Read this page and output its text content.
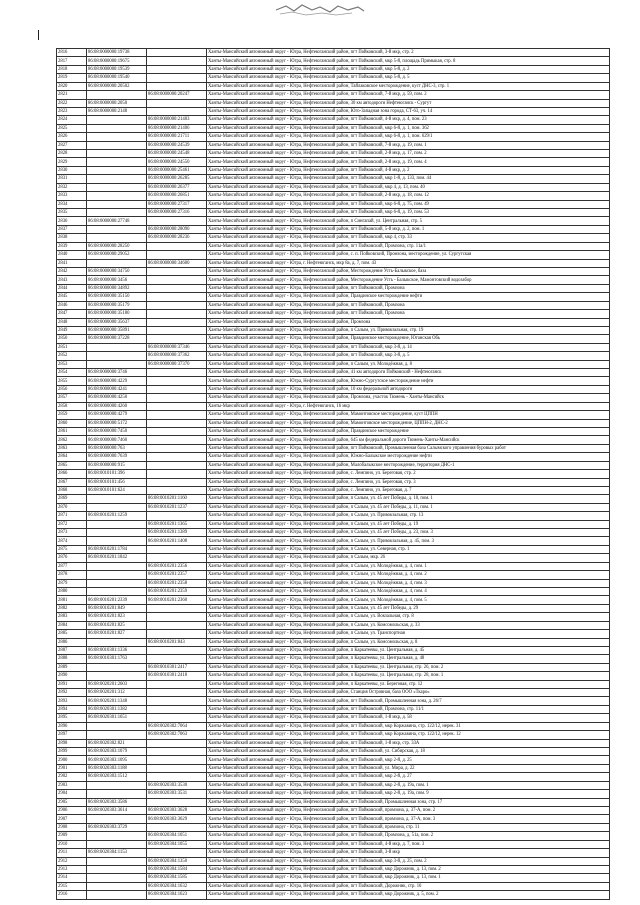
2816	86:08:0000000:19738		Ханты-Мансийский автономный округ - Югра, Нефтеюганский район, пгт Пойковский, 3-й мкр, стр. 2
2817	86:08:0000000:19675		Ханты-Мансийский автономный округ - Югра, Нефтеюганский район, пгт Пойковский, мкр 5-й, площадь Примыкая, стр. 8
2818	86:08:0000000:19539		Ханты-Мансийский автономный округ - Югра, Нефтеюганский район, пгт Пойковский, мкр 5-й, д. 2
2819	86:08:0000000:19540		Ханты-Мансийский автономный округ - Югра, Нефтеюганский район, пгт Пойковский, мкр 5-й, д. 5
2820	86:08:0000000:20502		Ханты-Мансийский автономный округ - Югра, Нефтеюганский район, Тайлаковское месторождение, куст ДНС-3, стр. 1
2821		86:08:0000000:20247	Ханты-Мансийский автономный округ - Югра, Нефтеюганский район, пгт Пойковский, 7-й мкр, д. 59, пом. 2
2822	86:08:0000000:2050		Ханты-Мансийский автономный округ - Югра, Нефтеюганский район, 30 км автодороги Нефтеюганск - Сургут
2823	86:08:0000000:2148		Ханты-Мансийский автономный округ - Югра, Нефтеюганский район, Юго-Западная зона города, СТ-63, уч. 14
2824		86:08:0000000:21403	Ханты-Мансийский автономный округ - Югра, Нефтеюганский район, пгт Пойковский, 4-й мкр, д. 4, пом. 23
2825		86:08:0000000:21406	Ханты-Мансийский автономный округ - Югра, Нефтеюганский район, пгт Пойковский, мкр 6-й, д. 1, пом. 362
2826		86:08:0000000:21711	Ханты-Мансийский автономный округ - Югра, Нефтеюганский район, пгт Пойковский, мкр 6-й, д. 1, пом. 629/1
2827		86:08:0000000:24539	Ханты-Мансийский автономный округ - Югра, Нефтеюганский район, пгт Пойковский, 7-й мкр, д. 19, пом. 1
2828		86:08:0000000:24548	Ханты-Мансийский автономный округ - Югра, Нефтеюганский район, пгт Пойковский, 2-й мкр, д. 17, пом. 2
2829		86:08:0000000:24550	Ханты-Мансийский автономный округ - Югра, Нефтеюганский район, пгт Пойковский, 2-й мкр, д. 19, пом. 4
2830		86:08:0000000:25461	Ханты-Мансийский автономный округ - Югра, Нефтеюганский район, пгт Пойковский, 4-й мкр, д. 2
2831		86:08:0000000:26285	Ханты-Мансийский автономный округ - Югра, Нефтеюганский район, пгт Пойковский, мкр 1-й, д. 133, пом. 44
2832		86:08:0000000:26377	Ханты-Мансийский автономный округ - Югра, Нефтеюганский район, пгт Пойковский, мкр 4, д. 13, пом. 40
2833		86:08:0000000:26851	Ханты-Мансийский автономный округ - Югра, Нефтеюганский район, пгт Пойковский, 2-й мкр, д. 18, пом. 12
2834		86:08:0000000:27317	Ханты-Мансийский автономный округ - Югра, Нефтеюганский район, пгт Пойковский, мкр 6-й, д. 75, пом. 49
2835		86:08:0000000:27316	Ханты-Мансийский автономный округ - Югра, Нефтеюганский район, пгт Пойковский, мкр 6-й, д. 19, пом. 53
2836	86:08:0000000:27748		Ханты-Мансийский автономный округ - Югра, Нефтеюганский район, п Сингапай, ул. Центральная, стр. 5
2837		86:08:0000000:28090	Ханты-Мансийский автономный округ - Югра, Нефтеюганский район, пгт Пойковский, 5-й мкр, д. 2, пом. 1
2838		86:08:0000000:28236	Ханты-Мансийский автономный округ - Югра, Нефтеюганский район, пгт Пойковский, мкр 4, стр. 33
2839	86:08:0000000:28250		Ханты-Мансийский автономный округ - Югра, Нефтеюганский район, пгт Пойковский, Промзона, стр. 11а/1
2840	86:08:0000000:29052		Ханты-Мансийский автономный округ - Югра, Нефтеюганский район, с. п. Пойковский, Промзона, месторождение, ул. Сургутская
2841		86:08:0000000:34600	Ханты-Мансийский автономный округ - Югра, г. Нефтеюганск, мкр 8а, д. 7, пом. 43
2842	86:08:0000000:34750		Ханты-Мансийский автономный округ - Югра, Нефтеюганский район, Месторождение Усть-Балыкское, база
2843	86:08:0000000:3456		Ханты-Мансийский автономный округ - Югра, Нефтеюганский район, Месторождение Усть - Балыкское, Мамонтовский водозабор
2844	86:08:0000000:34892		Ханты-Мансийский автономный округ - Югра, Нефтеюганский район, пгт Пойковский, Промзона
2845	86:08:0000000:35150		Ханты-Мансийский автономный округ - Югра, Нефтеюганский район, Правдинское месторождение нефти
2846	86:08:0000000:35179		Ханты-Мансийский автономный округ - Югра, Нефтеюганский район, пгт Пойковский, Промзона
2847	86:08:0000000:35180		Ханты-Мансийский автономный округ - Югра, Нефтеюганский район, пгт Пойковский, Промзона
2848	86:08:0000000:35637		Ханты-Мансийский автономный округ - Югра, Нефтеюганский район, Промзона
2849	86:08:0000000:35891		Ханты-Мансийский автономный округ - Югра, Нефтеюганский район, п Салым, ул. Привокзальная, стр. 19
2850	86:08:0000000:37228		Ханты-Мансийский автономный округ - Югра, Нефтеюганский район, Правдинское месторождение, Юганская Обь
2851		86:08:0000000:37346	Ханты-Мансийский автономный округ - Югра, Нефтеюганский район, пгт Пойковский, мкр 3-й, д. 14
2852		86:08:0000000:37362	Ханты-Мансийский автономный округ - Югра, Нефтеюганский район, пгт Пойковский, мкр 3-й, д. 5
2853		86:08:0000000:37370	Ханты-Мансийский автономный округ - Югра, Нефтеюганский район, п Салым, ул. Молодёжная, д. 8
2854	86:08:0000000:3746		Ханты-Мансийский автономный округ - Югра, Нефтеюганский район, 41 км автодороги Пойковский - Нефтеюганск
2855	86:08:0000000:4229		Ханты-Мансийский автономный округ - Югра, Нефтеюганский район, Южно-Сургутское месторождение нефти
2856	86:08:0000000:4241		Ханты-Мансийский автономный округ - Югра, Нефтеюганский район, 10 км федеральной автодороги
2857	86:08:0000000:4250		Ханты-Мансийский автономный округ - Югра, Нефтеюганский район, Промзона, участок Тюмень - Ханты-Мансийск
2858	86:08:0000000:4260		Ханты-Мансийский автономный округ - Югра, г. Нефтеюганск, 16 мкр
2859	86:08:0000000:4279		Ханты-Мансийский автономный округ - Югра, Нефтеюганский район, Мамонтовское месторождение, куст ЦППН
2860	86:08:0000000:5172		Ханты-Мансийский автономный округ - Югра, Нефтеюганский район, Мамонтовское месторождение, ЦППН-2, ДНС-2
2861	86:08:0000000:7450		Ханты-Мансийский автономный округ - Югра, Нефтеюганский район, Правдинское месторождение
2862	86:08:0000000:7460		Ханты-Мансийский автономный округ - Югра, Нефтеюганский район, 645 км федеральной дороги Тюмень-Ханты-Мансийск
2863	86:08:0000000:763		Ханты-Мансийский автономный округ - Югра, Нефтеюганский район, пгт Пойковский, Промышленная база Салымского управления буровых работ
2864	86:08:0000000:7639		Ханты-Мансийский автономный округ - Югра, Нефтеюганский район, Южно-Балыкское месторождение нефти
2865	86:08:0000000:915		Ханты-Мансийский автономный округ - Югра, Нефтеюганский район, Малобалыкское месторождение, территория ДНС-1
2866	86:08:0010101:396		Ханты-Мансийский автономный округ - Югра, Нефтеюганский район, с. Лемпино, ул. Береговая, стр. 2
2867	86:08:0010101:456		Ханты-Мансийский автономный округ - Югра, Нефтеюганский район, с. Лемпино, ул. Береговая, стр. 3
2868	86:08:0010101:624		Ханты-Мансийский автономный округ - Югра, Нефтеюганский район, с. Лемпино, ул. Береговая, д. 7
2869		86:08:0010201:1160	Ханты-Мансийский автономный округ - Югра, Нефтеюганский район, п Салым, ул. 45 лет Победы, д. 10, пом. 1
2870		86:08:0010201:1237	Ханты-Мансийский автономный округ - Югра, Нефтеюганский район, п Салым, ул. 45 лет Победы, д. 11, пом. 1
2871	86:08:0010201:1259		Ханты-Мансийский автономный округ - Югра, Нефтеюганский район, п Салым, ул. Привокзальная, стр. 13
2872		86:08:0010201:1365	Ханты-Мансийский автономный округ - Югра, Нефтеюганский район, п Салым, ул. 45 лет Победы, д. 19
2873		86:08:0010201:1389	Ханты-Мансийский автономный округ - Югра, Нефтеюганский район, п Салым, ул. 45 лет Победы, д. 23, пом. 3
2874		86:08:0010201:1408	Ханты-Мансийский автономный округ - Югра, Нефтеюганский район, п Салым, ул. Привокзальная, д. 45, пом. 3
2875	86:08:0010201:1784		Ханты-Мансийский автономный округ - Югра, Нефтеюганский район, п Салым, ул. Северная, стр. 1
2876	86:08:0010201:1842		Ханты-Мансийский автономный округ - Югра, Нефтеюганский район, п Салым, мкр. 26
2877		86:08:0010201:2356	Ханты-Мансийский автономный округ - Югра, Нефтеюганский район, п Салым, ул. Молодёжная, д. 4, пом. 1
2878		86:08:0010201:2357	Ханты-Мансийский автономный округ - Югра, Нефтеюганский район, п Салым, ул. Молодёжная, д. 4, пом. 2
2879		86:08:0010201:2358	Ханты-Мансийский автономный округ - Югра, Нефтеюганский район, п Салым, ул. Молодёжная, д. 4, пом. 3
2880		86:08:0010201:2359	Ханты-Мансийский автономный округ - Югра, Нефтеюганский район, п Салым, ул. Молодёжная, д. 4, пом. 4
2881	86:08:0010201:2339	86:08:0010201:2360	Ханты-Мансийский автономный округ - Югра, Нефтеюганский район, п Салым, ул. Молодёжная, д. 4, пом. 5
2882	86:08:0010201:849		Ханты-Мансийский автономный округ - Югра, Нефтеюганский район, п Салым, ул. 45 лет Победы, д. 29
2883	86:08:0010201:823		Ханты-Мансийский автономный округ - Югра, Нефтеюганский район, п Салым, ул. Вокзальная, стр. 8
2884	86:08:0010201:825		Ханты-Мансийский автономный округ - Югра, Нефтеюганский район, п Салым, ул. Комсомольская, д. 33
2885	86:08:0010201:827		Ханты-Мансийский автономный округ - Югра, Нефтеюганский район, п Салым, ул. Транспортная
2886		86:08:0010201:843	Ханты-Мансийский автономный округ - Югра, Нефтеюганский район, п Салым, ул. Комсомольская, д. 8
2887	86:08:0010301:1336		Ханты-Мансийский автономный округ - Югра, Нефтеюганский район, п Каркатеевы, ул. Центральная, д. 45
2888	86:08:0010301:1763		Ханты-Мансийский автономный округ - Югра, Нефтеюганский район, п Каркатеевы, ул. Центральная, д. 48
2889		86:08:0010301:2417	Ханты-Мансийский автономный округ - Югра, Нефтеюганский район, п Каркатеевы, ул. Центральная, стр. 26, пом. 2
2890		86:08:0010301:2418	Ханты-Мансийский автономный округ - Югра, Нефтеюганский район, п Каркатеевы, ул. Центральная, стр. 28, пом. 1
2891	86:08:0020201:2603		Ханты-Мансийский автономный округ - Югра, Нефтеюганский район, п Каркатеевы, ул. Береговая, стр. 12
2892	86:08:0020201:312		Ханты-Мансийский автономный округ - Югра, Нефтеюганский район, Станция Островная, база ООО «Ткаро»
2893	86:08:0020201:1348		Ханты-Мансийский автономный округ - Югра, Нефтеюганский район, пгт Пойковский, Промышленная зона, д. 26/7
2894	86:08:0020301:1382		Ханты-Мансийский автономный округ - Югра, Нефтеюганский район, пгт Пойковский, Промзона, стр. 11/1
2895	86:08:0020301:1651		Ханты-Мансийский автономный округ - Югра, Нефтеюганский район, пгт Пойковский, 1-й мкр, д. 58
2896		86:08:0020302:7064	Ханты-Мансийский автономный округ - Югра, Нефтеюганский район, пгт Пойковский, мкр Коржавина, стр. 122/12, нерек. 31
2897		86:08:0020302:7063	Ханты-Мансийский автономный округ - Югра, Нефтеюганский район, пгт Пойковский, мкр Коржавина, стр. 122/12, нерек. 12
2898	86:08:0020302:821		Ханты-Мансийский автономный округ - Югра, Нефтеюганский район, пгт Пойковский, 1-й мкр, стр. 33А
2899	86:08:0020303:1079		Ханты-Мансийский автономный округ - Югра, Нефтеюганский район, пгт Пойковский, ул. Сибирская, д. 18
2900	86:08:0020303:1095		Ханты-Мансийский автономный округ - Югра, Нефтеюганский район, пгт Пойковский, мкр 2-й, д. 25
2901	86:08:0020303:1188		Ханты-Мансийский автономный округ - Югра, Нефтеюганский район, пгт Пойковский, ул. Мира, д. 22
2902	86:08:0020303:1512		Ханты-Мансийский автономный округ - Югра, Нефтеюганский район, пгт Пойковский, мкр 2-й, д. 27
2903		86:08:0020303:3530	Ханты-Мансийский автономный округ - Югра, Нефтеюганский район, пгт Пойковский, мкр 2-й, д. 19а, пом. 1
2904		86:08:0020303:3531	Ханты-Мансийский автономный округ - Югра, Нефтеюганский район, пгт Пойковский, мкр 2-й, д. 19а, пом. 9
2905	86:08:0020303:3586		Ханты-Мансийский автономный округ - Югра, Нефтеюганский район, пгт Пойковский, Промышленная зона, стр. 17
2906	86:08:0020303:3614	86:08:0020303:3628	Ханты-Мансийский автономный округ - Югра, Нефтеюганский район, пгт Пойковский, промзона, д. 37-А, пом. 2
2907		86:08:0020303:3629	Ханты-Мансийский автономный округ - Югра, Нефтеюганский район, пгт Пойковский, промзона, д. 37-А, пом. 3
2908	86:08:0020303:3729		Ханты-Мансийский автономный округ - Югра, Нефтеюганский район, пгт Пойковский, промзона, стр. 11
2909		86:08:0020304:1051	Ханты-Мансийский автономный округ - Югра, Нефтеюганский район, пгт Пойковский, Промзона, д. 51а, пом. 2
2910		86:08:0020304:1055	Ханты-Мансийский автономный округ - Югра, Нефтеюганский район, пгт Пойковский, 4-й мкр, д. 7, пом. 3
2911	86:08:0020304:1153		Ханты-Мансийский автономный округ - Югра, Нефтеюганский район, пгт Пойковский, 3-й мкр
2912		86:08:0020304:1350	Ханты-Мансийский автономный округ - Югра, Нефтеюганский район, пгт Пойковский, мкр 3-й, д. 25, пом. 2
2913		86:08:0020304:1584	Ханты-Мансийский автономный округ - Югра, Нефтеюганский район, пгт Пойковский, мкр Дорожник, д. 13, пом. 2
2914		86:08:0020304:1585	Ханты-Мансийский автономный округ - Югра, Нефтеюганский район, пгт Пойковский, мкр Дорожник, д. 13, пом. 1
2915		86:08:0020304:1632	Ханты-Мансийский автономный округ - Югра, Нефтеюганский район, пгт Пойковский, Дорожник, стр. 10
2916		86:08:0020304:1623	Ханты-Мансийский автономный округ - Югра, Нефтеюганский район, пгт Пойковский, мкр Дорожник, д. 5, пом. 2
